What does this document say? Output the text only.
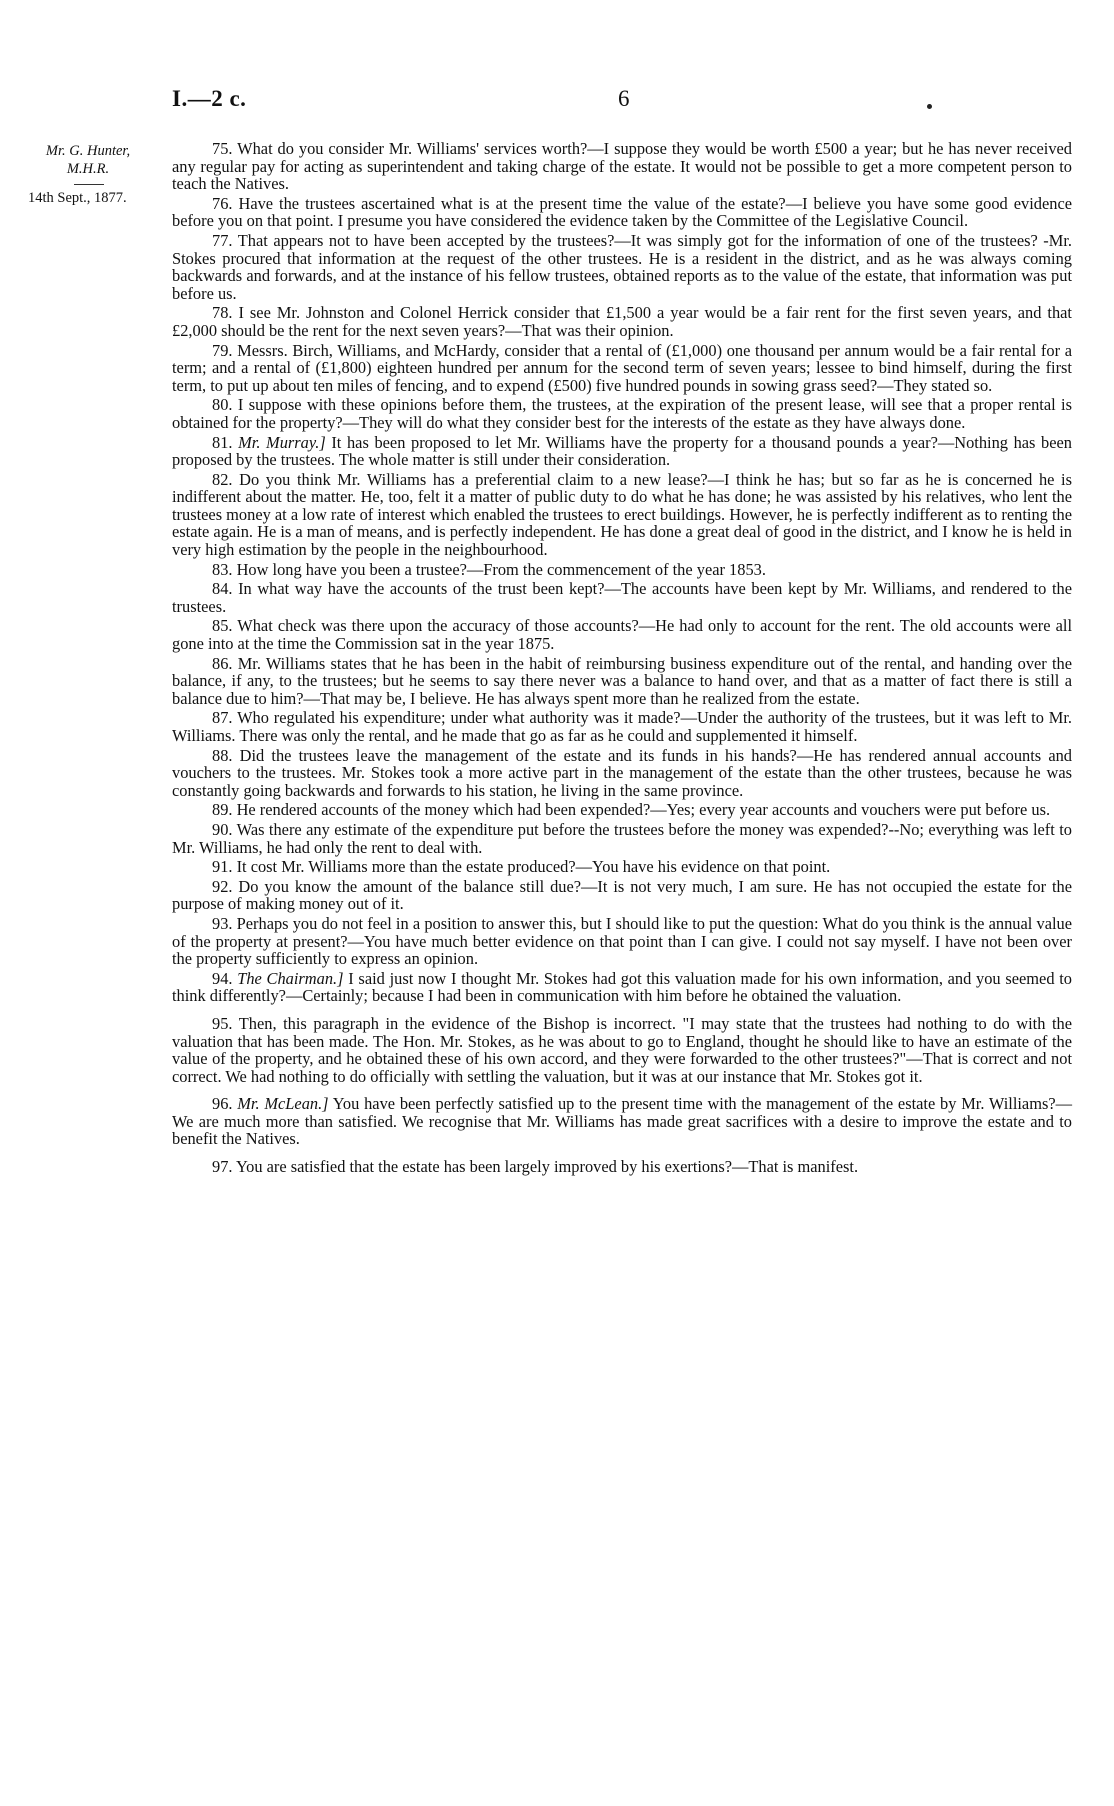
I.—2 c.	6
Mr. G. Hunter,
M.H.R.
14th Sept., 1877.

75. What do you consider Mr. Williams' services worth?—I suppose they would be worth £500 a year; but he has never received any regular pay for acting as superintendent and taking charge of the estate. It would not be possible to get a more competent person to teach the Natives.

76. Have the trustees ascertained what is at the present time the value of the estate?—I believe you have some good evidence before you on that point. I presume you have considered the evidence taken by the Committee of the Legislative Council.

77. That appears not to have been accepted by the trustees?—It was simply got for the information of one of the trustees? -Mr. Stokes procured that information at the request of the other trustees. He is a resident in the district, and as he was always coming backwards and forwards, and at the instance of his fellow trustees, obtained reports as to the value of the estate, that information was put before us.

78. I see Mr. Johnston and Colonel Herrick consider that £1,500 a year would be a fair rent for the first seven years, and that £2,000 should be the rent for the next seven years?—That was their opinion.

79. Messrs. Birch, Williams, and McHardy, consider that a rental of (£1,000) one thousand per annum would be a fair rental for a term; and a rental of (£1,800) eighteen hundred per annum for the second term of seven years; lessee to bind himself, during the first term, to put up about ten miles of fencing, and to expend (£500) five hundred pounds in sowing grass seed?—They stated so.

80. I suppose with these opinions before them, the trustees, at the expiration of the present lease, will see that a proper rental is obtained for the property?—They will do what they consider best for the interests of the estate as they have always done.

81. Mr. Murray.] It has been proposed to let Mr. Williams have the property for a thousand pounds a year?—Nothing has been proposed by the trustees. The whole matter is still under their consideration.

82. Do you think Mr. Williams has a preferential claim to a new lease?—I think he has; but so far as he is concerned he is indifferent about the matter. He, too, felt it a matter of public duty to do what he has done; he was assisted by his relatives, who lent the trustees money at a low rate of interest which enabled the trustees to erect buildings. However, he is perfectly indifferent as to renting the estate again. He is a man of means, and is perfectly independent. He has done a great deal of good in the district, and I know he is held in very high estimation by the people in the neighbourhood.

83. How long have you been a trustee?—From the commencement of the year 1853.

84. In what way have the accounts of the trust been kept?—The accounts have been kept by Mr. Williams, and rendered to the trustees.

85. What check was there upon the accuracy of those accounts?—He had only to account for the rent. The old accounts were all gone into at the time the Commission sat in the year 1875.

86. Mr. Williams states that he has been in the habit of reimbursing business expenditure out of the rental, and handing over the balance, if any, to the trustees; but he seems to say there never was a balance to hand over, and that as a matter of fact there is still a balance due to him?—That may be, I believe. He has always spent more than he realized from the estate.

87. Who regulated his expenditure; under what authority was it made?—Under the authority of the trustees, but it was left to Mr. Williams. There was only the rental, and he made that go as far as he could and supplemented it himself.

88. Did the trustees leave the management of the estate and its funds in his hands?—He has rendered annual accounts and vouchers to the trustees. Mr. Stokes took a more active part in the management of the estate than the other trustees, because he was constantly going backwards and forwards to his station, he living in the same province.

89. He rendered accounts of the money which had been expended?—Yes; every year accounts and vouchers were put before us.

90. Was there any estimate of the expenditure put before the trustees before the money was expended?--No; everything was left to Mr. Williams, he had only the rent to deal with.

91. It cost Mr. Williams more than the estate produced?—You have his evidence on that point.

92. Do you know the amount of the balance still due?—It is not very much, I am sure. He has not occupied the estate for the purpose of making money out of it.

93. Perhaps you do not feel in a position to answer this, but I should like to put the question: What do you think is the annual value of the property at present?—You have much better evidence on that point than I can give. I could not say myself. I have not been over the property sufficiently to express an opinion.

94. The Chairman.] I said just now I thought Mr. Stokes had got this valuation made for his own information, and you seemed to think differently?—Certainly; because I had been in communication with him before he obtained the valuation.

95. Then, this paragraph in the evidence of the Bishop is incorrect. "I may state that the trustees had nothing to do with the valuation that has been made. The Hon. Mr. Stokes, as he was about to go to England, thought he should like to have an estimate of the value of the property, and he obtained these of his own accord, and they were forwarded to the other trustees?"—That is correct and not correct. We had nothing to do officially with settling the valuation, but it was at our instance that Mr. Stokes got it.

96. Mr. McLean.] You have been perfectly satisfied up to the present time with the management of the estate by Mr. Williams?—We are much more than satisfied. We recognise that Mr. Williams has made great sacrifices with a desire to improve the estate and to benefit the Natives.

97. You are satisfied that the estate has been largely improved by his exertions?—That is manifest.
